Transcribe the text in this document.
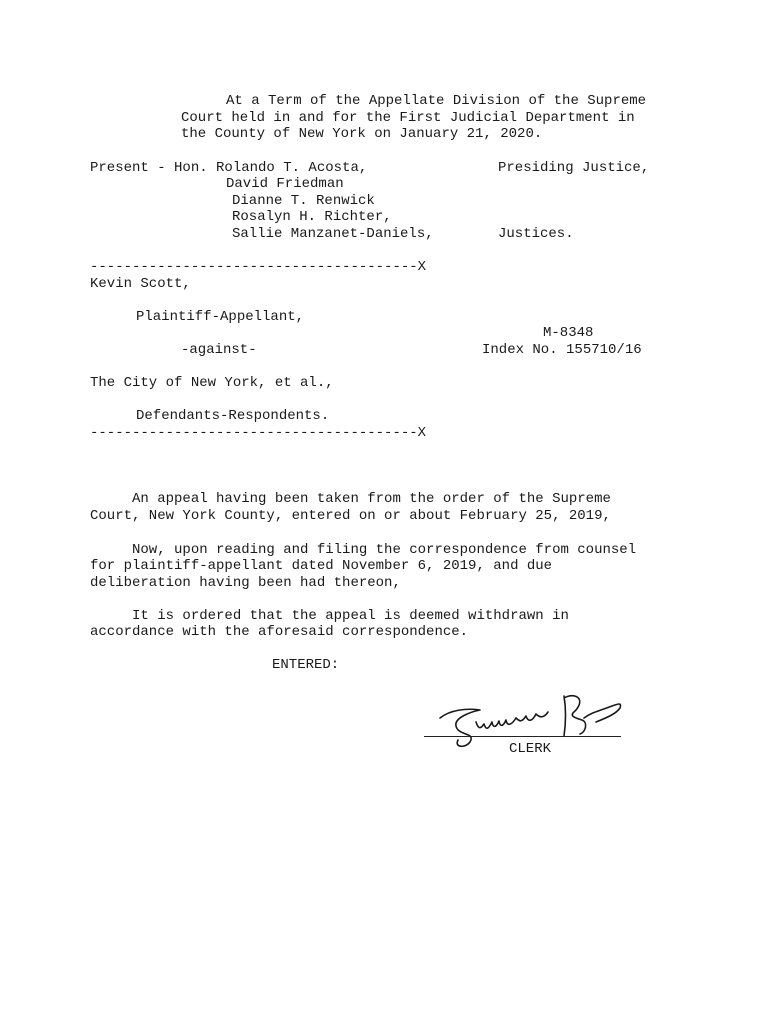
At a Term of the Appellate Division of the Supreme

Court held in and for the First Judicial Department in

the County of New York on January 21, 2020.

Present - Hon. Rolando T. Acosta,	Presiding Justice,

David Friedman

Dianne T. Renwick

Rosalyn H. Richter,

Sallie Manzanet-Daniels,	Justices.

---------------------------------------X

Kevin Scott,

Plaintiff-Appellant,

M-8348

-against-	Index No. 155710/16

The City of New York, et al.,

Defendants-Respondents.

---------------------------------------X

An appeal having been taken from the order of the Supreme

Court, New York County, entered on or about February 25, 2019,

Now, upon reading and filing the correspondence from counsel

for plaintiff-appellant dated November 6, 2019, and due

deliberation having been had thereon,

It is ordered that the appeal is deemed withdrawn in

accordance with the aforesaid correspondence.

ENTERED:

CLERK
